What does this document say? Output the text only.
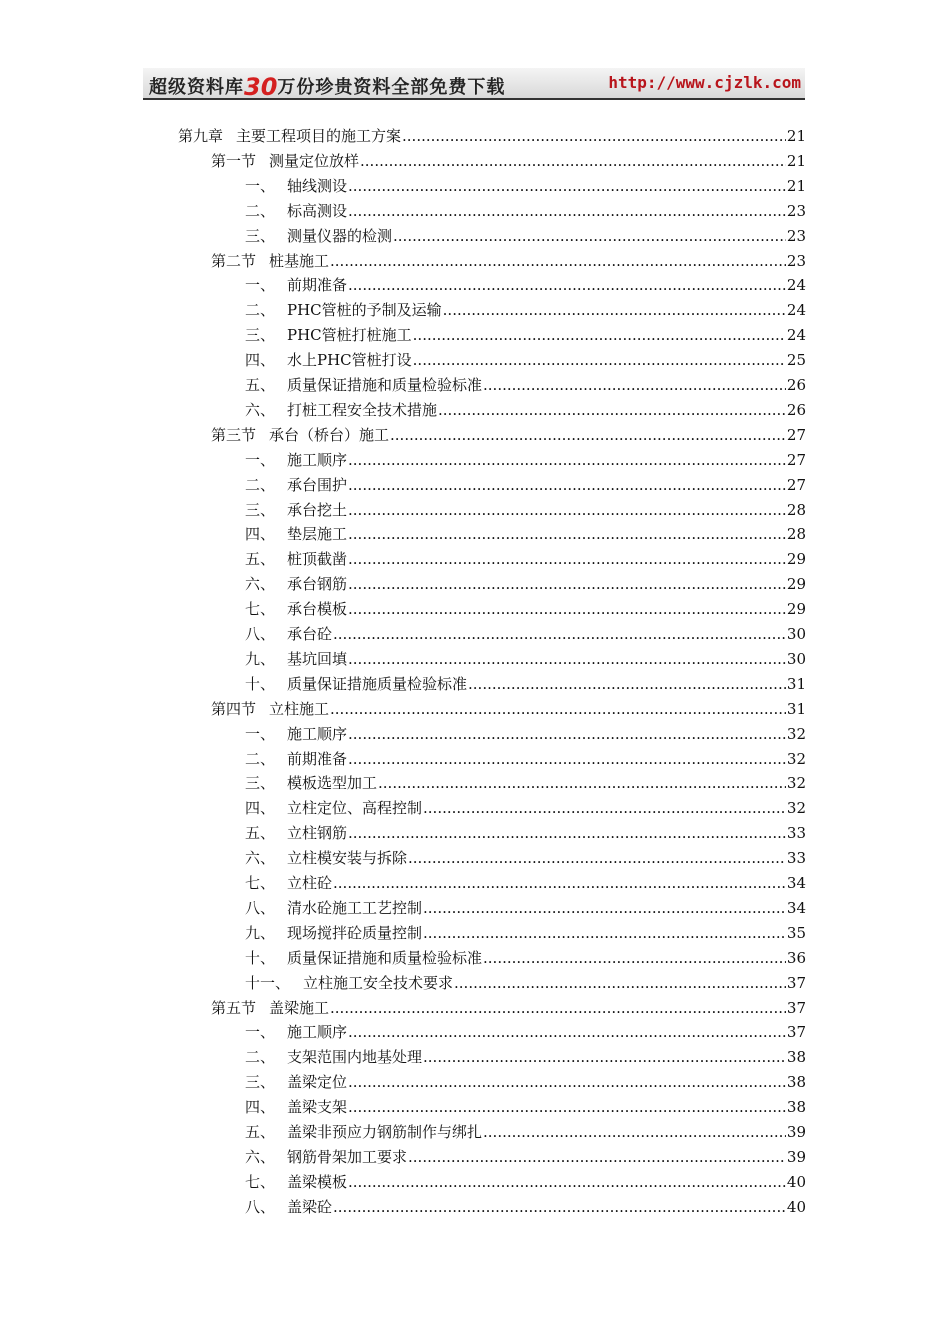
超级资料库30万份珍贵资料全部免费下载	http://www.cjzlk.com
第九章 主要工程项目的施工方案 .....	21
第一节 测量定位放样 .....	21
一、 轴线测设 .....	21
二、 标高测设 .....	23
三、 测量仪器的检测 .....	23
第二节 桩基施工 .....	23
一、 前期准备 .....	24
二、 PHC管桩的予制及运输 .....	24
三、 PHC管桩打桩施工 .....	24
四、 水上PHC管桩打设 .....	25
五、 质量保证措施和质量检验标准 .....	26
六、 打桩工程安全技术措施 .....	26
第三节 承台（桥台）施工 .....	27
一、 施工顺序 .....	27
二、 承台围护 .....	27
三、 承台挖土 .....	28
四、 垫层施工 .....	28
五、 桩顶截凿 .....	29
六、 承台钢筋 .....	29
七、 承台模板 .....	29
八、 承台砼 .....	30
九、 基坑回填 .....	30
十、 质量保证措施质量检验标准 .....	31
第四节 立柱施工 .....	31
一、 施工顺序 .....	32
二、 前期准备 .....	32
三、 模板选型加工 .....	32
四、 立柱定位、高程控制 .....	32
五、 立柱钢筋 .....	33
六、 立柱模安装与拆除 .....	33
七、 立柱砼 .....	34
八、 清水砼施工工艺控制 .....	34
九、 现场搅拌砼质量控制 .....	35
十、 质量保证措施和质量检验标准 .....	36
十一、 立柱施工安全技术要求 .....	37
第五节 盖梁施工 .....	37
一、 施工顺序 .....	37
二、 支架范围内地基处理 .....	38
三、 盖梁定位 .....	38
四、 盖梁支架 .....	38
五、 盖梁非预应力钢筋制作与绑扎 .....	39
六、 钢筋骨架加工要求 .....	39
七、 盖梁模板 .....	40
八、 盖梁砼 .....	40
